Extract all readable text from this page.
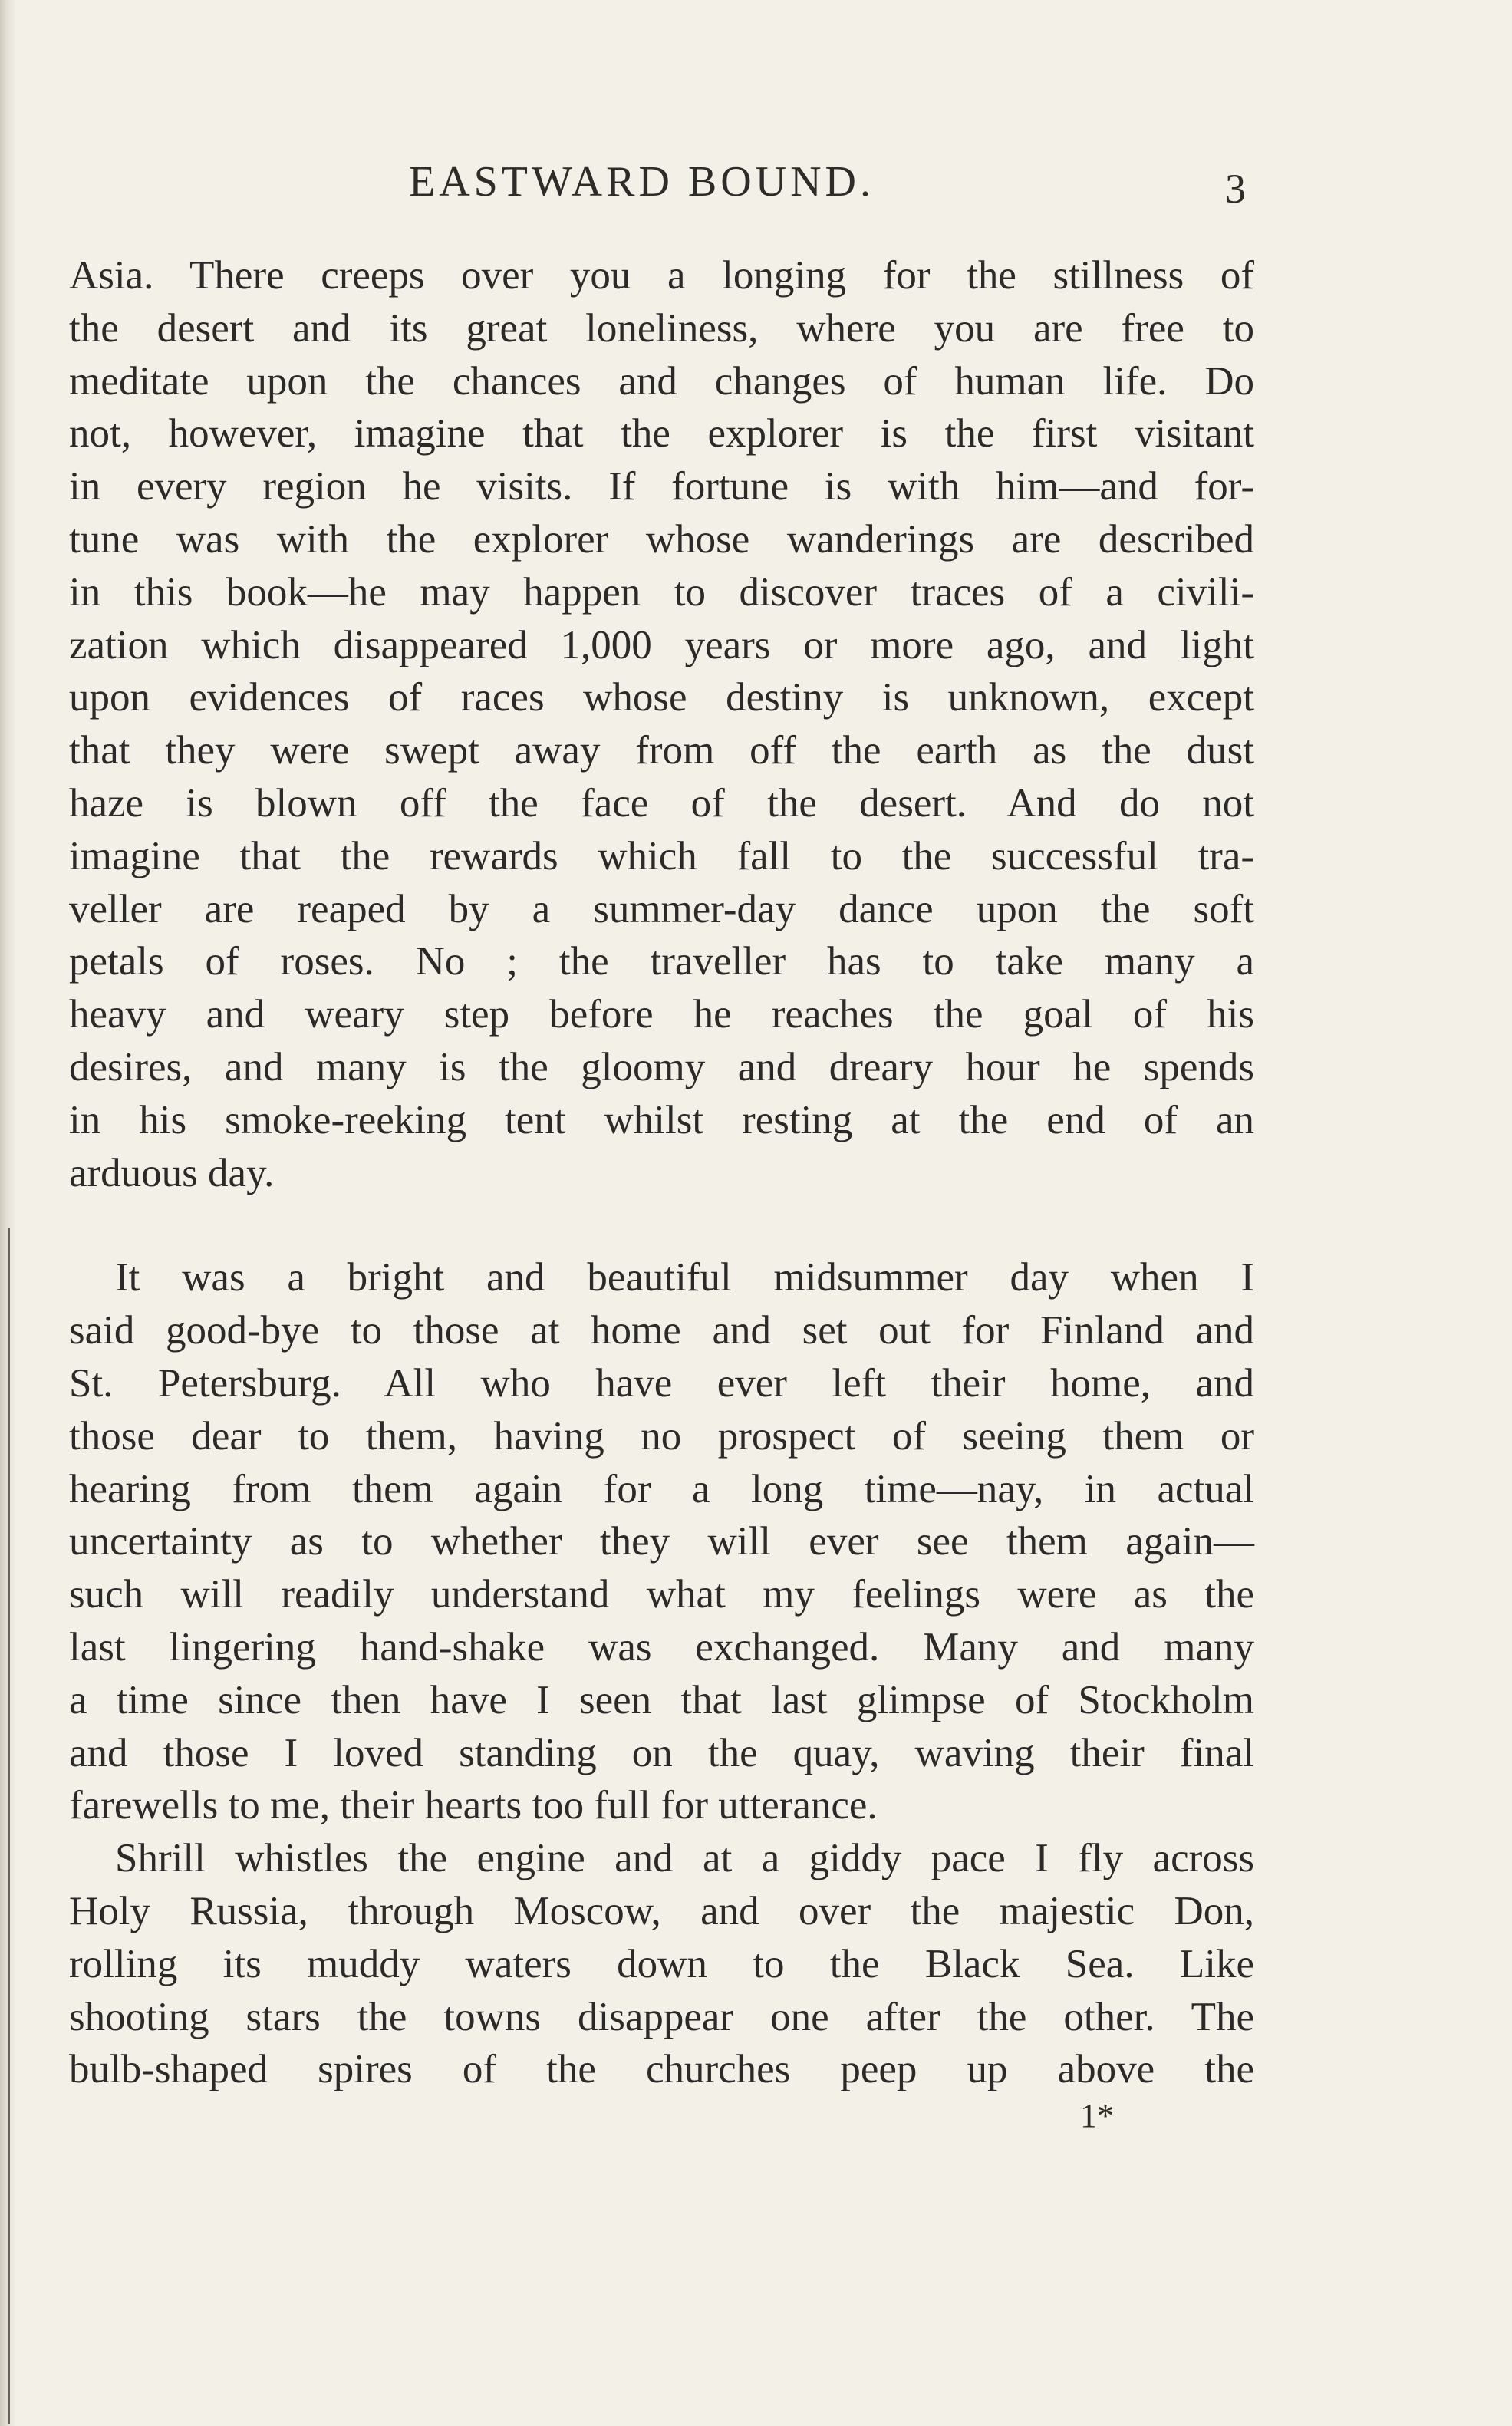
EASTWARD BOUND.	3
Asia. There creeps over you a longing for the stillness of
the desert and its great loneliness, where you are free to
meditate upon the chances and changes of human life. Do
not, however, imagine that the explorer is the first visitant
in every region he visits. If fortune is with him—and for-
tune was with the explorer whose wanderings are described
in this book—he may happen to discover traces of a civili-
zation which disappeared 1,000 years or more ago, and light
upon evidences of races whose destiny is unknown, except
that they were swept away from off the earth as the dust
haze is blown off the face of the desert. And do not
imagine that the rewards which fall to the successful tra-
veller are reaped by a summer-day dance upon the soft
petals of roses. No ; the traveller has to take many a
heavy and weary step before he reaches the goal of his
desires, and many is the gloomy and dreary hour he spends
in his smoke-reeking tent whilst resting at the end of an
arduous day.
It was a bright and beautiful midsummer day when I
said good-bye to those at home and set out for Finland and
St. Petersburg. All who have ever left their home, and
those dear to them, having no prospect of seeing them or
hearing from them again for a long time—nay, in actual
uncertainty as to whether they will ever see them again—
such will readily understand what my feelings were as the
last lingering hand-shake was exchanged. Many and many
a time since then have I seen that last glimpse of Stockholm
and those I loved standing on the quay, waving their final
farewells to me, their hearts too full for utterance.
Shrill whistles the engine and at a giddy pace I fly across
Holy Russia, through Moscow, and over the majestic Don,
rolling its muddy waters down to the Black Sea. Like
shooting stars the towns disappear one after the other. The
bulb-shaped spires of the churches peep up above the
1*
